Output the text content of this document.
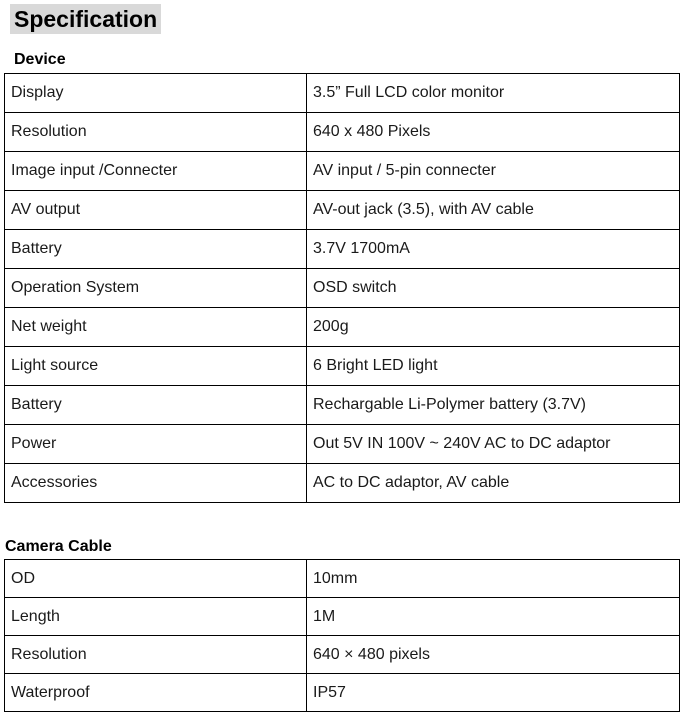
Specification
Device
Display	3.5” Full LCD color monitor
Resolution	640 x 480 Pixels
Image input /Connecter	AV input / 5-pin connecter
AV output	AV-out jack (3.5), with AV cable
Battery	3.7V 1700mA
Operation System	OSD switch
Net weight	200g
Light source	6 Bright LED light
Battery	Rechargable Li-Polymer battery (3.7V)
Power	Out 5V IN 100V ~ 240V AC to DC adaptor
Accessories	AC to DC adaptor, AV cable
Camera Cable
OD	10mm
Length	1M
Resolution	640 × 480 pixels
Waterproof	IP57
